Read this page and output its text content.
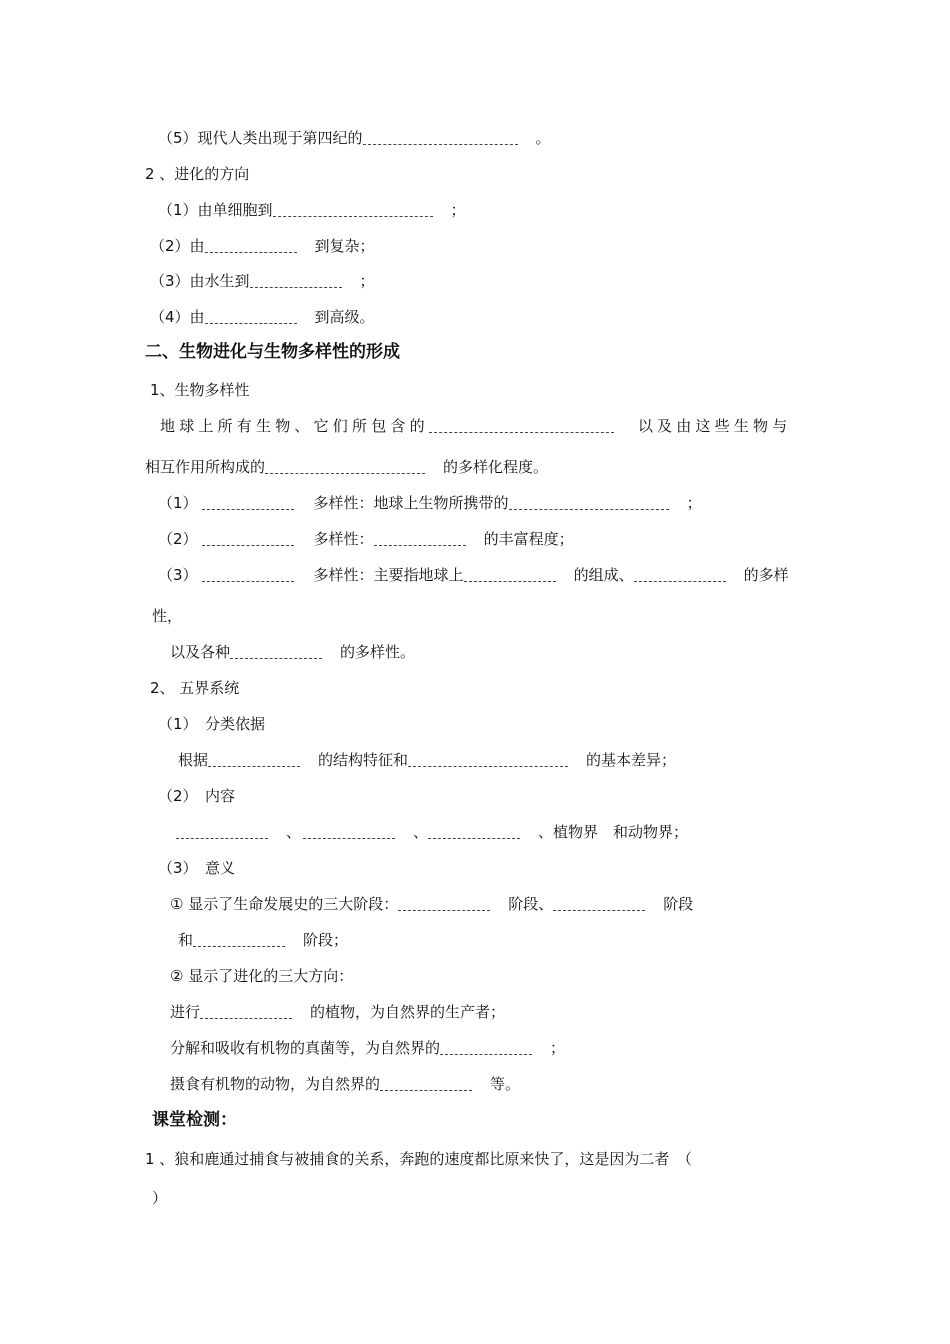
（5）现代人类出现于第四纪的	。
2 、进化的方向
（1）由单细胞到	；
（2）由	到复杂；
（3）由水生到	；
（4）由	到高级。
二、生物进化与生物多样性的形成
1、生物多样性
地球上所有生物、它们所包含的	以及由这些生物与
相互作用所构成的	的多样化程度。
（1）	多样性：地球上生物所携带的	；
（2）	多样性：	的丰富程度；
（3）	多样性：主要指地球上	的组成、	的多样
性，
以及各种	的多样性。
2、 五界系统
（1）　分类依据
根据	的结构特征和	的基本差异；
（2）　内容
、	、	、植物界　和动物界；
（3）　意义
① 显示了生命发展史的三大阶段：	阶段、	阶段
和	阶段；
② 显示了进化的三大方向：
进行	的植物，为自然界的生产者；
分解和吸收有机物的真菌等，为自然界的	；
摄食有机物的动物，为自然界的	等。
课堂检测：
1 、狼和鹿通过捕食与被捕食的关系，奔跑的速度都比原来快了，这是因为二者　（
）
